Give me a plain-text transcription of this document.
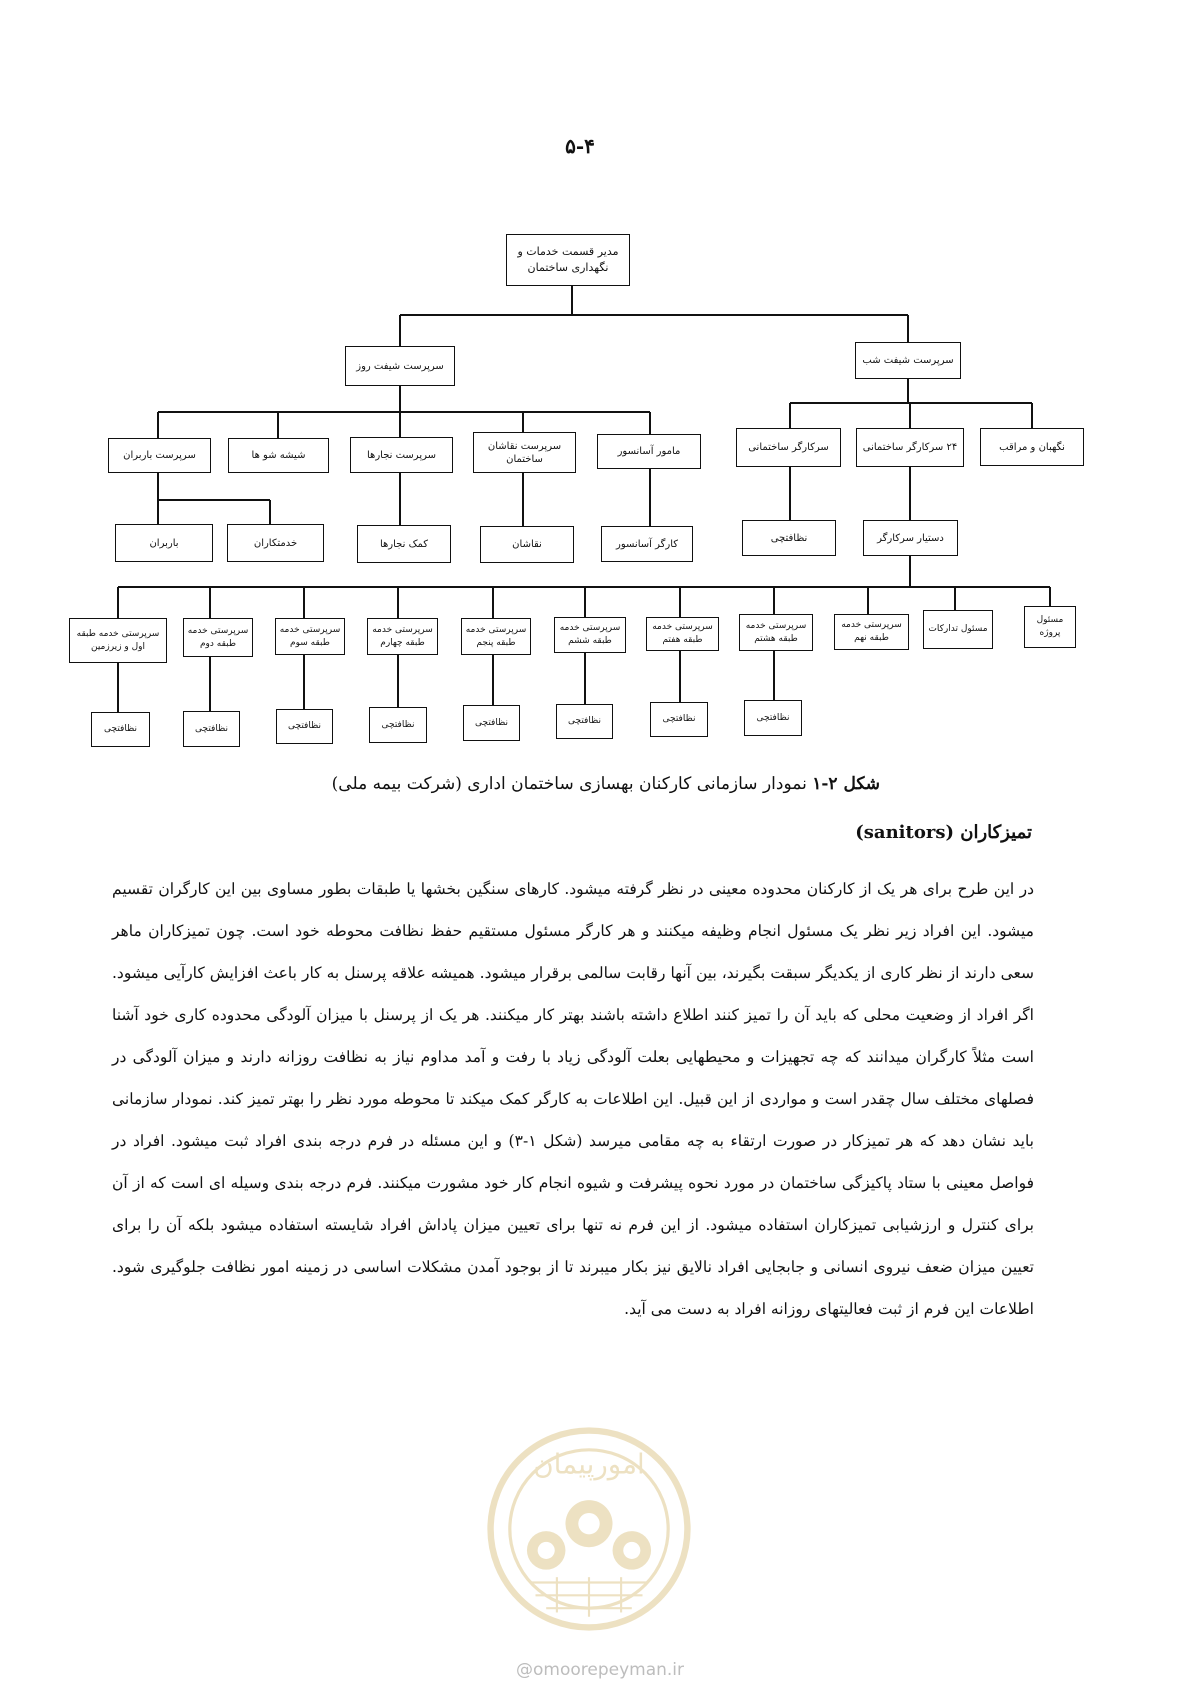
۵-۴
مدیر قسمت خدمات و نگهداری ساختمان
سرپرست شیفت روز	سرپرست شیفت شب
سرپرست باربران	شیشه شو ها	سرپرست نجارها
سرپرست نقاشان ساختمان
مامور آسانسور
باربران	خدمتکاران	کمک نجارها	نقاشان	کارگر آسانسور
سرکارگر ساختمانی	۲۴ سرکارگر ساختمانی	نگهبان و مراقب
نظافتچی	دستیار سرکارگر
سرپرستی خدمه طبقه اول و زیرزمین
سرپرستی خدمه طبقه دوم
سرپرستی خدمه طبقه سوم
سرپرستی خدمه طبقه چهارم
سرپرستی خدمه طبقه پنجم
سرپرستی خدمه طبقه ششم
سرپرستی خدمه طبقه هفتم
سرپرستی خدمه طبقه هشتم
سرپرستی خدمه طبقه نهم
مسئول تدارکات
مسئول پروژه
نظافتچی	نظافتچی	نظافتچی	نظافتچی	نظافتچی	نظافتچی	نظافتچی	نظافتچی
شکل ۲-۱ نمودار سازمانی کارکنان بهسازی ساختمان اداری (شرکت بیمه ملی)
تمیزکاران (sanitors)
در این طرح برای هر یک از کارکنان محدوده معینی در نظر گرفته میشود. کارهای سنگین بخشها یا طبقات بطور مساوی بین این کارگران تقسیم میشود. این افراد زیر نظر یک مسئول انجام وظیفه میکنند و هر کارگر مسئول مستقیم حفظ نظافت محوطه خود است. چون تمیزکاران ماهر سعی دارند از نظر کاری از یکدیگر سبقت بگیرند، بین آنها رقابت سالمی برقرار میشود. همیشه علاقه پرسنل به کار باعث افزایش کارآیی میشود. اگر افراد از وضعیت محلی که باید آن را تمیز کنند اطلاع داشته باشند بهتر کار میکنند. هر یک از پرسنل با میزان آلودگی محدوده کاری خود آشنا است مثلاً کارگران میدانند که چه تجهیزات و محیطهایی بعلت آلودگی زیاد با رفت و آمد مداوم نیاز به نظافت روزانه دارند و میزان آلودگی در فصلهای مختلف سال چقدر است و مواردی از این قبیل. این اطلاعات به کارگر کمک میکند تا محوطه مورد نظر را بهتر تمیز کند. نمودار سازمانی باید نشان دهد که هر تمیزکار در صورت ارتقاء به چه مقامی میرسد (شکل ۱-۳) و این مسئله در فرم درجه بندی افراد ثبت میشود. افراد در فواصل معینی با ستاد پاکیزگی ساختمان در مورد نحوه پیشرفت و شیوه انجام کار خود مشورت میکنند. فرم درجه بندی وسیله ای است که از آن برای کنترل و ارزشیابی تمیزکاران استفاده میشود. از این فرم نه تنها برای تعیین میزان پاداش افراد شایسته استفاده میشود بلکه آن را برای تعیین میزان ضعف نیروی انسانی و جابجایی افراد نالایق نیز بکار میبرند تا از بوجود آمدن مشکلات اساسی در زمینه امور نظافت جلوگیری شود. اطلاعات این فرم از ثبت فعالیتهای روزانه افراد به دست می آید.
امورپیمان
@omoorepeyman.ir
